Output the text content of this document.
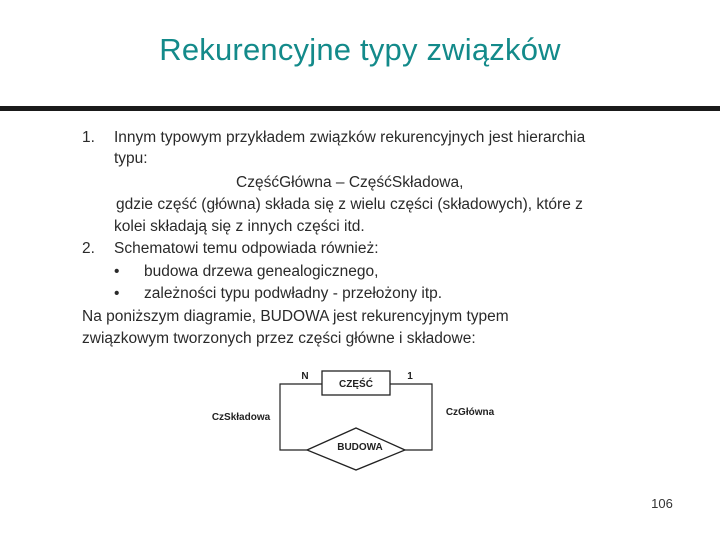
Rekurencyjne typy związków
1. Innym typowym przykładem związków rekurencyjnych jest hierarchia
typu:
CzęśćGłówna – CzęśćSkładowa,
gdzie część (główna) składa się z wielu części (składowych), które z
kolei składają się z innych części itd.
2. Schematowi temu odpowiada również:
• budowa drzewa genealogicznego,
• zależności typu podwładny - przełożony itp.
Na poniższym diagramie, BUDOWA jest rekurencyjnym typem
związkowym tworzonych przez części główne i składowe:
CZĘŚĆ
BUDOWA
N	1
CzSkładowa	CzGłówna
106
